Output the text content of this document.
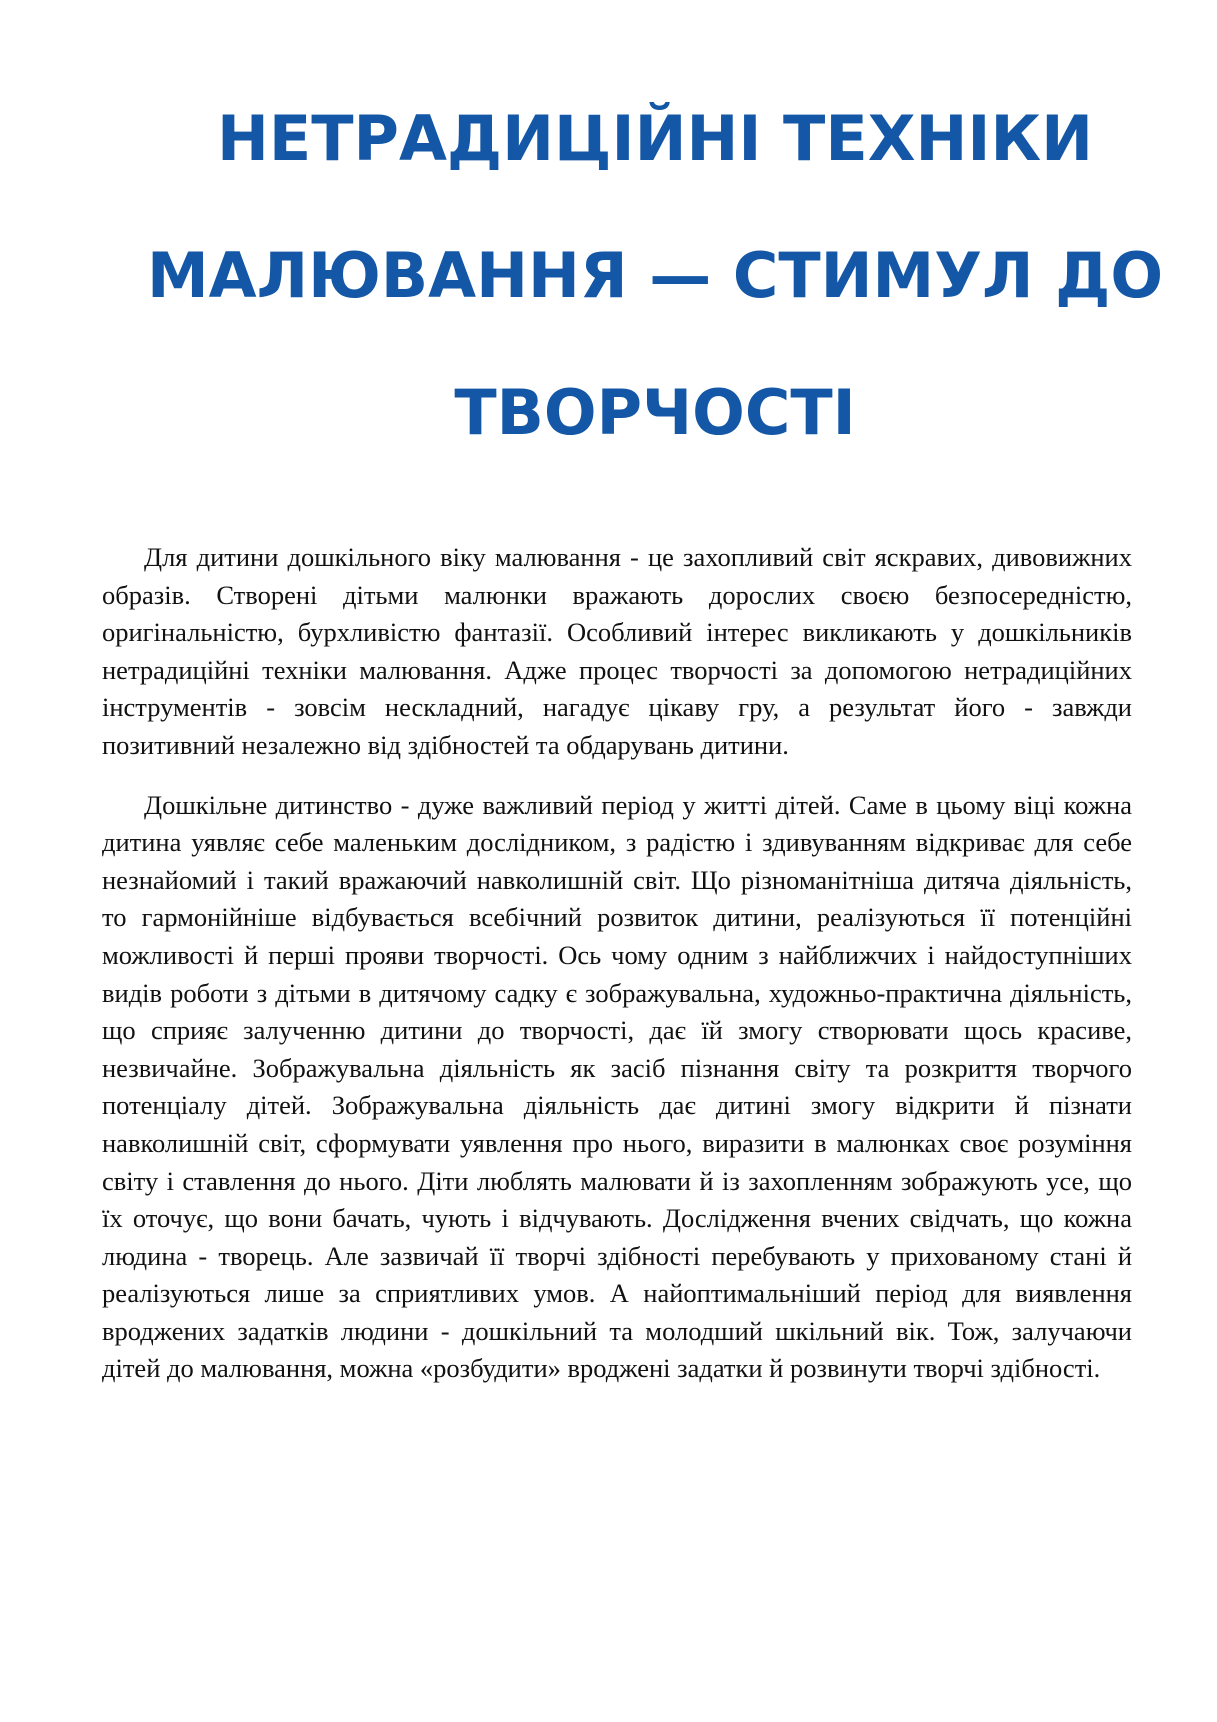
НЕТРАДИЦІЙНІ ТЕХНІКИ
МАЛЮВАННЯ — СТИМУЛ ДО
ТВОРЧОСТІ

Для дитини дошкільного віку малювання - це захопливий світ яскравих, дивовижних образів. Створені дітьми малюнки вражають дорослих своєю безпосередністю, оригінальністю, бурхливістю фантазії. Особливий інтерес викликають у дошкільників нетрадиційні техніки малювання. Адже процес творчості за допомогою нетрадиційних інструментів - зовсім нескладний, нагадує цікаву гру, а результат його - завжди позитивний незалежно від здібностей та обдарувань дитини.

Дошкільне дитинство - дуже важливий період у житті дітей. Саме в цьому віці кожна дитина уявляє себе маленьким дослідником, з радістю і здивуванням відкриває для себе незнайомий і такий вражаючий навколишній світ. Що різноманітніша дитяча діяльність, то гармонійніше відбувається всебічний розвиток дитини, реалізуються її потенційні можливості й перші прояви творчості. Ось чому одним з найближчих і найдоступніших видів роботи з дітьми в дитячому садку є зображувальна, художньо-практична діяльність, що сприяє залученню дитини до творчості, дає їй змогу створювати щось красиве, незвичайне. Зображувальна діяльність як засіб пізнання світу та розкриття творчого потенціалу дітей. Зображувальна діяльність дає дитині змогу відкрити й пізнати навколишній світ, сформувати уявлення про нього, виразити в малюнках своє розуміння світу і ставлення до нього. Діти люблять малювати й із захопленням зображують усе, що їх оточує, що вони бачать, чують і відчувають. Дослідження вчених свідчать, що кожна людина - творець. Але зазвичай її творчі здібності перебувають у прихованому стані й реалізуються лише за сприятливих умов. А найоптимальніший період для виявлення вроджених задатків людини - дошкільний та молодший шкільний вік. Тож, залучаючи дітей до малювання, можна «розбудити» вроджені задатки й розвинути творчі здібності.
